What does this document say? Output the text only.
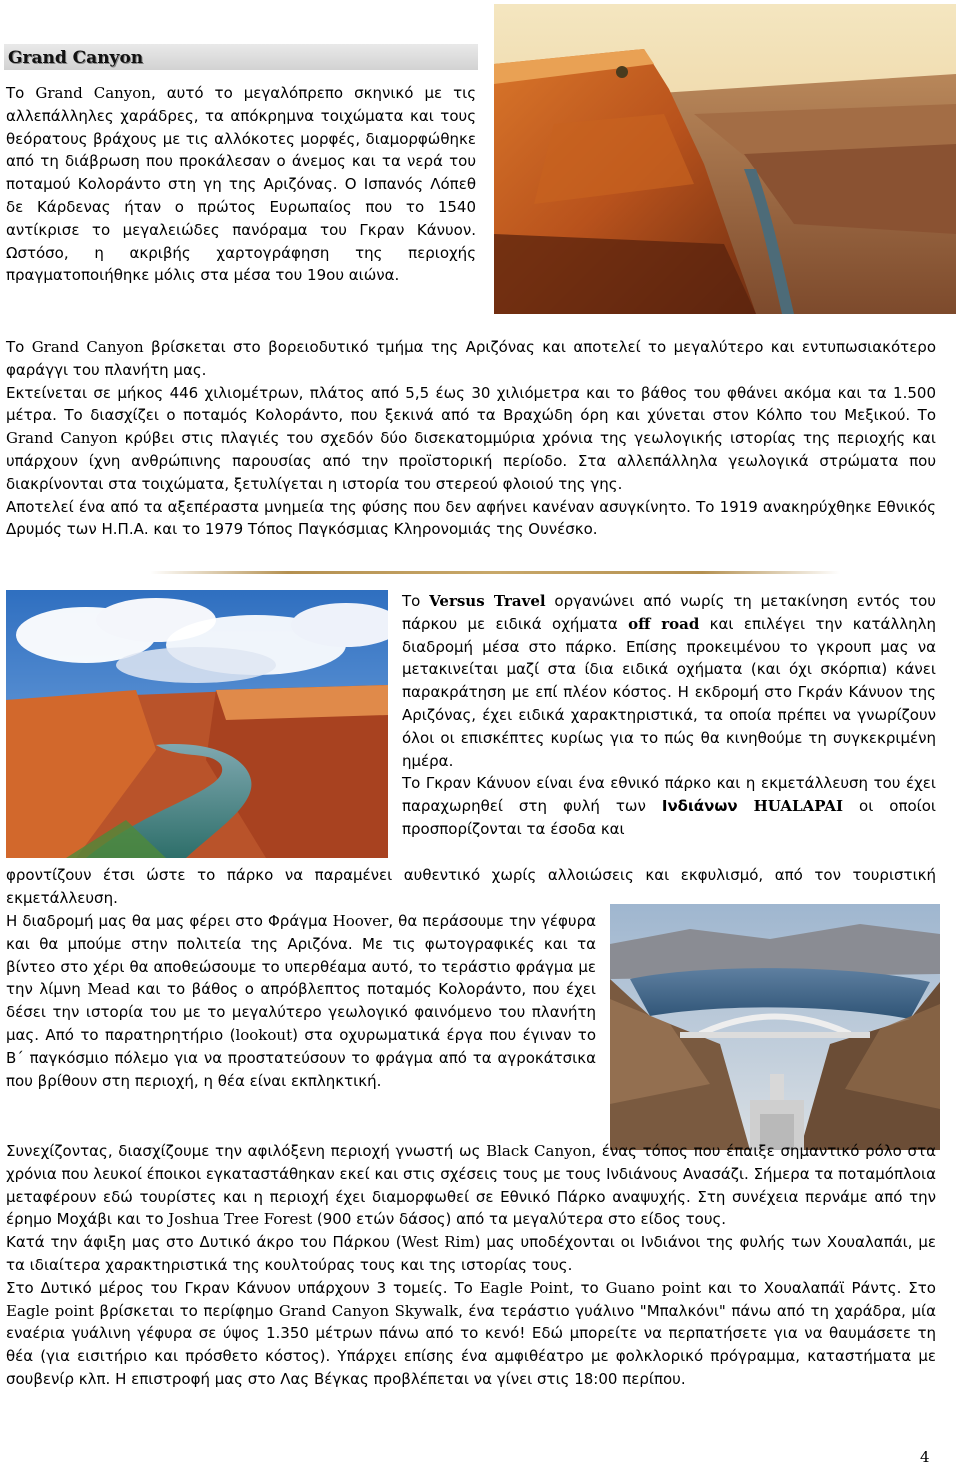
Grand Canyon

Το Grand Canyon, αυτό το μεγαλόπρεπο σκηνικό με τις αλλεπάλληλες χαράδρες, τα απόκρημνα τοιχώματα και τους θεόρατους βράχους με τις αλλόκοτες μορφές, διαμορφώθηκε από τη διάβρωση που προκάλεσαν ο άνεμος και τα νερά του ποταμού Κολοράντο στη γη της Αριζόνας. Ο Ισπανός Λόπεθ δε Κάρδενας ήταν ο πρώτος Ευρωπαίος που το 1540 αντίκρισε το μεγαλειώδες πανόραμα του Γκραν Κάνυον. Ωστόσο, η ακριβής χαρτογράφηση της περιοχής πραγματοποιήθηκε μόλις στα μέσα του 19ου αιώνα.

Το Grand Canyon βρίσκεται στο βορειοδυτικό τμήμα της Αριζόνας και αποτελεί το μεγαλύτερο και εντυπωσιακότερο φαράγγι του πλανήτη μας.

Εκτείνεται σε μήκος 446 χιλιομέτρων, πλάτος από 5,5 έως 30 χιλιόμετρα και το βάθος του φθάνει ακόμα και τα 1.500 μέτρα. Το διασχίζει ο ποταμός Κολοράντο, που ξεκινά από τα Βραχώδη όρη και χύνεται στον Κόλπο του Μεξικού. Το Grand Canyon κρύβει στις πλαγιές του σχεδόν δύο δισεκατομμύρια χρόνια της γεωλογικής ιστορίας της περιοχής και υπάρχουν ίχνη ανθρώπινης παρουσίας από την προϊστορική περίοδο. Στα αλλεπάλληλα γεωλογικά στρώματα που διακρίνονται στα τοιχώματα, ξετυλίγεται η ιστορία του στερεού φλοιού της γης.

Αποτελεί ένα από τα αξεπέραστα μνημεία της φύσης που δεν αφήνει κανέναν ασυγκίνητο. Το 1919 ανακηρύχθηκε Εθνικός Δρυμός των Η.Π.Α. και το 1979 Τόπος Παγκόσμιας Κληρονομιάς της Ουνέσκο.

Το Versus Travel οργανώνει από νωρίς τη μετακίνηση εντός του πάρκου με ειδικά οχήματα off road και επιλέγει την κατάλληλη διαδρομή μέσα στο πάρκο. Επίσης προκειμένου το γκρουπ μας να μετακινείται μαζί στα ίδια ειδικά οχήματα (και όχι σκόρπια) κάνει παρακράτηση με επί πλέον κόστος. Η εκδρομή στο Γκράν Κάνυον της Αριζόνας, έχει ειδικά χαρακτηριστικά, τα οποία πρέπει να γνωρίζουν όλοι οι επισκέπτες κυρίως για το πώς θα κινηθούμε τη συγκεκριμένη ημέρα.

Το Γκραν Κάνυον είναι ένα εθνικό πάρκο και η εκμετάλλευση του έχει παραχωρηθεί στη φυλή των Ινδιάνων HUALAPAI οι οποίοι προσπορίζονται τα έσοδα και

φροντίζουν έτσι ώστε το πάρκο να παραμένει αυθεντικό χωρίς αλλοιώσεις και εκφυλισμό, από τον τουριστική εκμετάλλευση.

Η διαδρομή μας θα μας φέρει στο Φράγμα Hoover, θα περάσουμε την γέφυρα και θα μπούμε στην πολιτεία της Αριζόνα. Με τις φωτογραφικές και τα βίντεο στο χέρι θα αποθεώσουμε το υπερθέαμα αυτό, το τεράστιο φράγμα με την λίμνη Mead και το βάθος ο απρόβλεπτος ποταμός Κολοράντο, που έχει δέσει την ιστορία του με το μεγαλύτερο γεωλογικό φαινόμενο του πλανήτη μας. Από το παρατηρητήριο (lookout) στα οχυρωματικά έργα που έγιναν το Β΄ παγκόσμιο πόλεμο για να προστατεύσουν το φράγμα από τα αγροκάτσικα που βρίθουν στη περιοχή, η θέα είναι εκπληκτική.

Συνεχίζοντας, διασχίζουμε την αφιλόξενη περιοχή γνωστή ως Black Canyon, ένας τόπος που έπαιξε σημαντικό ρόλο στα χρόνια που λευκοί έποικοι εγκαταστάθηκαν εκεί και στις σχέσεις τους με τους Ινδιάνους Ανασάζι. Σήμερα τα ποταμόπλοια μεταφέρουν εδώ τουρίστες και η περιοχή έχει διαμορφωθεί σε Εθνικό Πάρκο αναψυχής. Στη συνέχεια περνάμε από την έρημο Μοχάβι και το Joshua Tree Forest (900 ετών δάσος) από τα μεγαλύτερα στο είδος τους.

Κατά την άφιξη μας στο Δυτικό άκρο του Πάρκου (West Rim) μας υποδέχονται οι Ινδιάνοι της φυλής των Χουαλαπάι, με τα ιδιαίτερα χαρακτηριστικά της κουλτούρας τους και της ιστορίας τους.

Στο Δυτικό μέρος του Γκραν Κάνυον υπάρχουν 3 τομείς. Το Eagle Point, το Guano point και το Χουαλαπάϊ Ράντς. Στο Eagle point βρίσκεται το περίφημο Grand Canyon Skywalk, ένα τεράστιο γυάλινο "Μπαλκόνι" πάνω από τη χαράδρα, μία εναέρια γυάλινη γέφυρα σε ύψος 1.350 μέτρων πάνω από το κενό! Εδώ μπορείτε να περπατήσετε για να θαυμάσετε τη θέα (για εισιτήριο και πρόσθετο κόστος). Υπάρχει επίσης ένα αμφιθέατρο με φολκλορικό πρόγραμμα, καταστήματα με σουβενίρ κλπ. Η επιστροφή μας στο Λας Βέγκας προβλέπεται να γίνει στις 18:00 περίπου.

4
